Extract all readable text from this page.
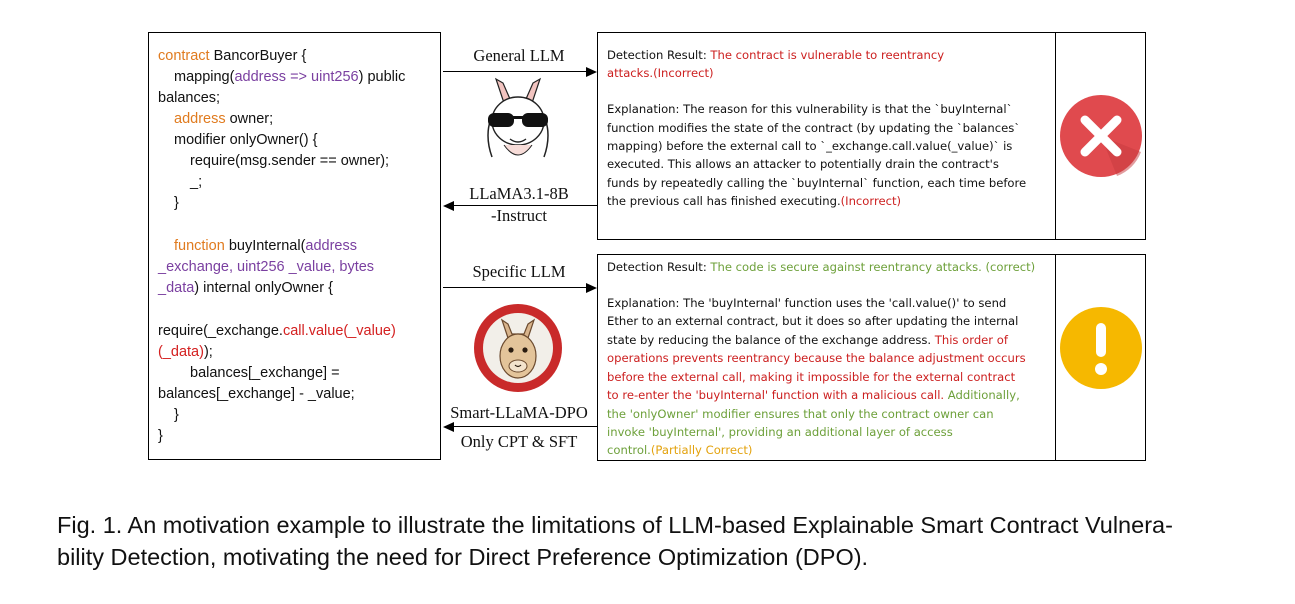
contract BancorBuyer {
mapping(address => uint256) public
balances;
address owner;
modifier onlyOwner() {
require(msg.sender == owner);
_;
}
function buyInternal(address
_exchange, uint256 _value, bytes
_data) internal onlyOwner {
require(_exchange.call.value(_value)
(_data));
balances[_exchange] =
balances[_exchange] - _value;
}
}
General LLM
LLaMA3.1-8B
-Instruct
Specific LLM
Smart-LLaMA-DPO
Only CPT & SFT
Detection Result: The contract is vulnerable to reentrancy
attacks.(Incorrect)
Explanation: The reason for this vulnerability is that the `buyInternal`
function modifies the state of the contract (by updating the `balances`
mapping) before the external call to `_exchange.call.value(_value)` is
executed. This allows an attacker to potentially drain the contract's
funds by repeatedly calling the `buyInternal` function, each time before
the previous call has finished executing.(Incorrect)
Detection Result: The code is secure against reentrancy attacks. (correct)
Explanation: The 'buyInternal' function uses the 'call.value()' to send
Ether to an external contract, but it does so after updating the internal
state by reducing the balance of the exchange address. This order of
operations prevents reentrancy because the balance adjustment occurs
before the external call, making it impossible for the external contract
to re-enter the 'buyInternal' function with a malicious call. Additionally,
the 'onlyOwner' modifier ensures that only the contract owner can
invoke 'buyInternal', providing an additional layer of access
control.(Partially Correct)
Fig. 1. An motivation example to illustrate the limitations of LLM-based Explainable Smart Contract Vulnera-
bility Detection, motivating the need for Direct Preference Optimization (DPO).
